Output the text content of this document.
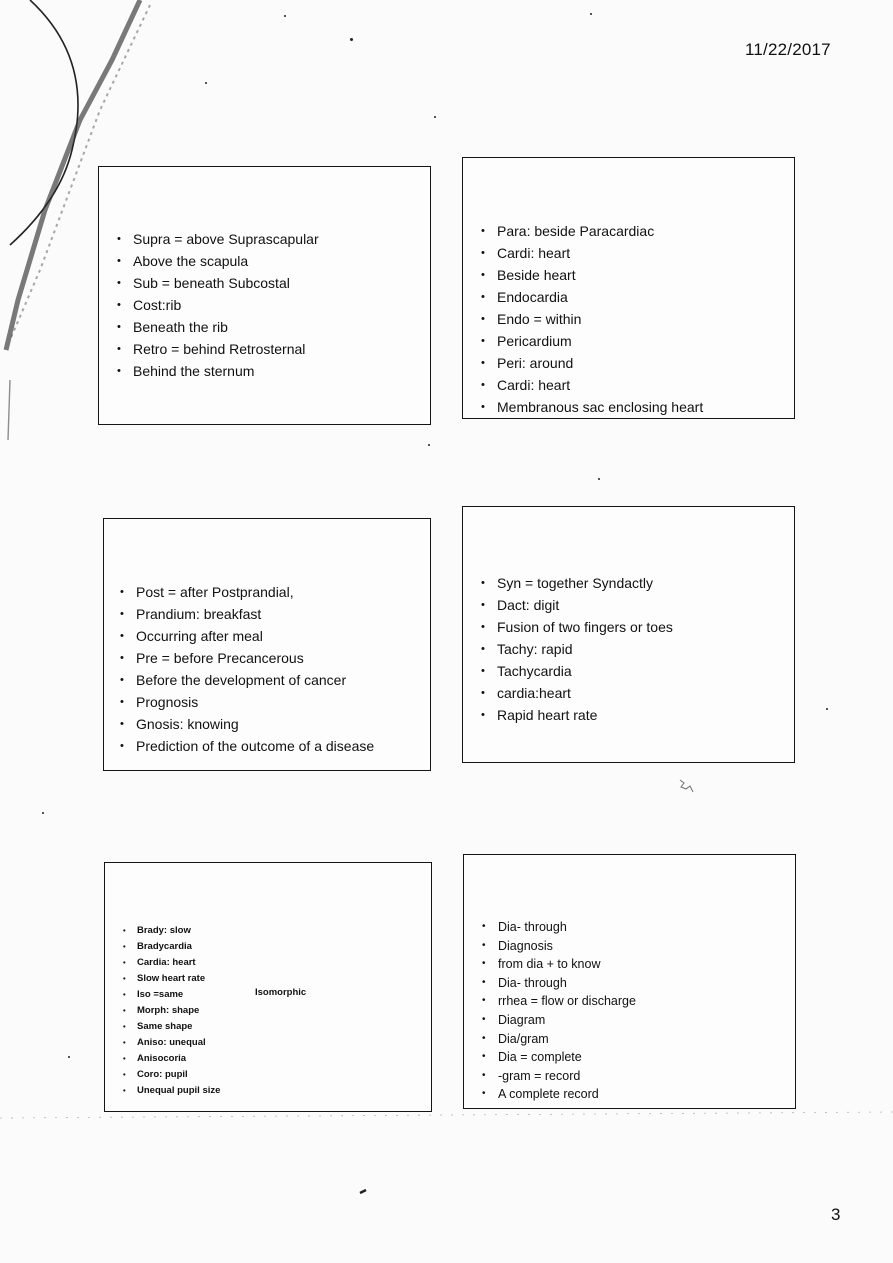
11/22/2017
3
• Supra = above Suprascapular
• Above the scapula
• Sub = beneath Subcostal
• Cost:rib
• Beneath the rib
• Retro = behind Retrosternal
• Behind the sternum
• Para: beside Paracardiac
• Cardi: heart
• Beside heart
• Endocardia
• Endo = within
• Pericardium
• Peri: around
• Cardi: heart
• Membranous sac enclosing heart
• Post = after Postprandial,
• Prandium: breakfast
• Occurring after meal
• Pre = before Precancerous
• Before the development of cancer
• Prognosis
• Gnosis: knowing
• Prediction of the outcome of a disease
• Syn = together Syndactly
• Dact: digit
• Fusion of two fingers or toes
• Tachy: rapid
• Tachycardia
• cardia:heart
• Rapid heart rate
• Brady: slow
• Bradycardia
• Cardia: heart
• Slow heart rate
• Iso =same
• Morph: shape
• Same shape
• Aniso: unequal
• Anisocoria
• Coro: pupil
• Unequal pupil size
Isomorphic
• Dia- through
• Diagnosis
• from dia + to know
• Dia- through
• rrhea = flow or discharge
• Diagram
• Dia/gram
• Dia = complete
• -gram = record
• A complete record
